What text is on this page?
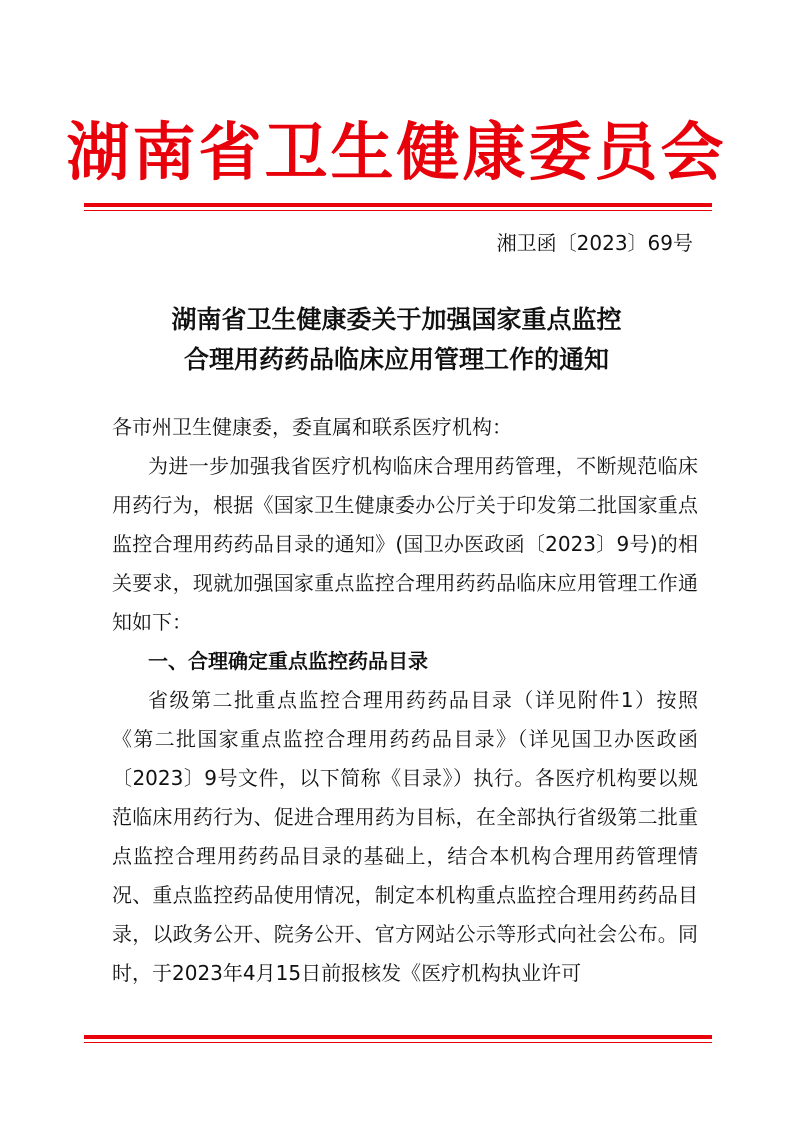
湖南省卫生健康委员会
湘卫函〔2023〕69号
湖南省卫生健康委关于加强国家重点监控
合理用药药品临床应用管理工作的通知

各市州卫生健康委，委直属和联系医疗机构：

为进一步加强我省医疗机构临床合理用药管理，不断规范临床用药行为，根据《国家卫生健康委办公厅关于印发第二批国家重点监控合理用药药品目录的通知》(国卫办医政函〔2023〕9号)的相关要求，现就加强国家重点监控合理用药药品临床应用管理工作通知如下：

一、合理确定重点监控药品目录

省级第二批重点监控合理用药药品目录（详见附件1）按照《第二批国家重点监控合理用药药品目录》（详见国卫办医政函〔2023〕9号文件，以下简称《目录》）执行。各医疗机构要以规范临床用药行为、促进合理用药为目标，在全部执行省级第二批重点监控合理用药药品目录的基础上，结合本机构合理用药管理情况、重点监控药品使用情况，制定本机构重点监控合理用药药品目录，以政务公开、院务公开、官方网站公示等形式向社会公布。同时，于2023年4月15日前报核发《医疗机构执业许可
